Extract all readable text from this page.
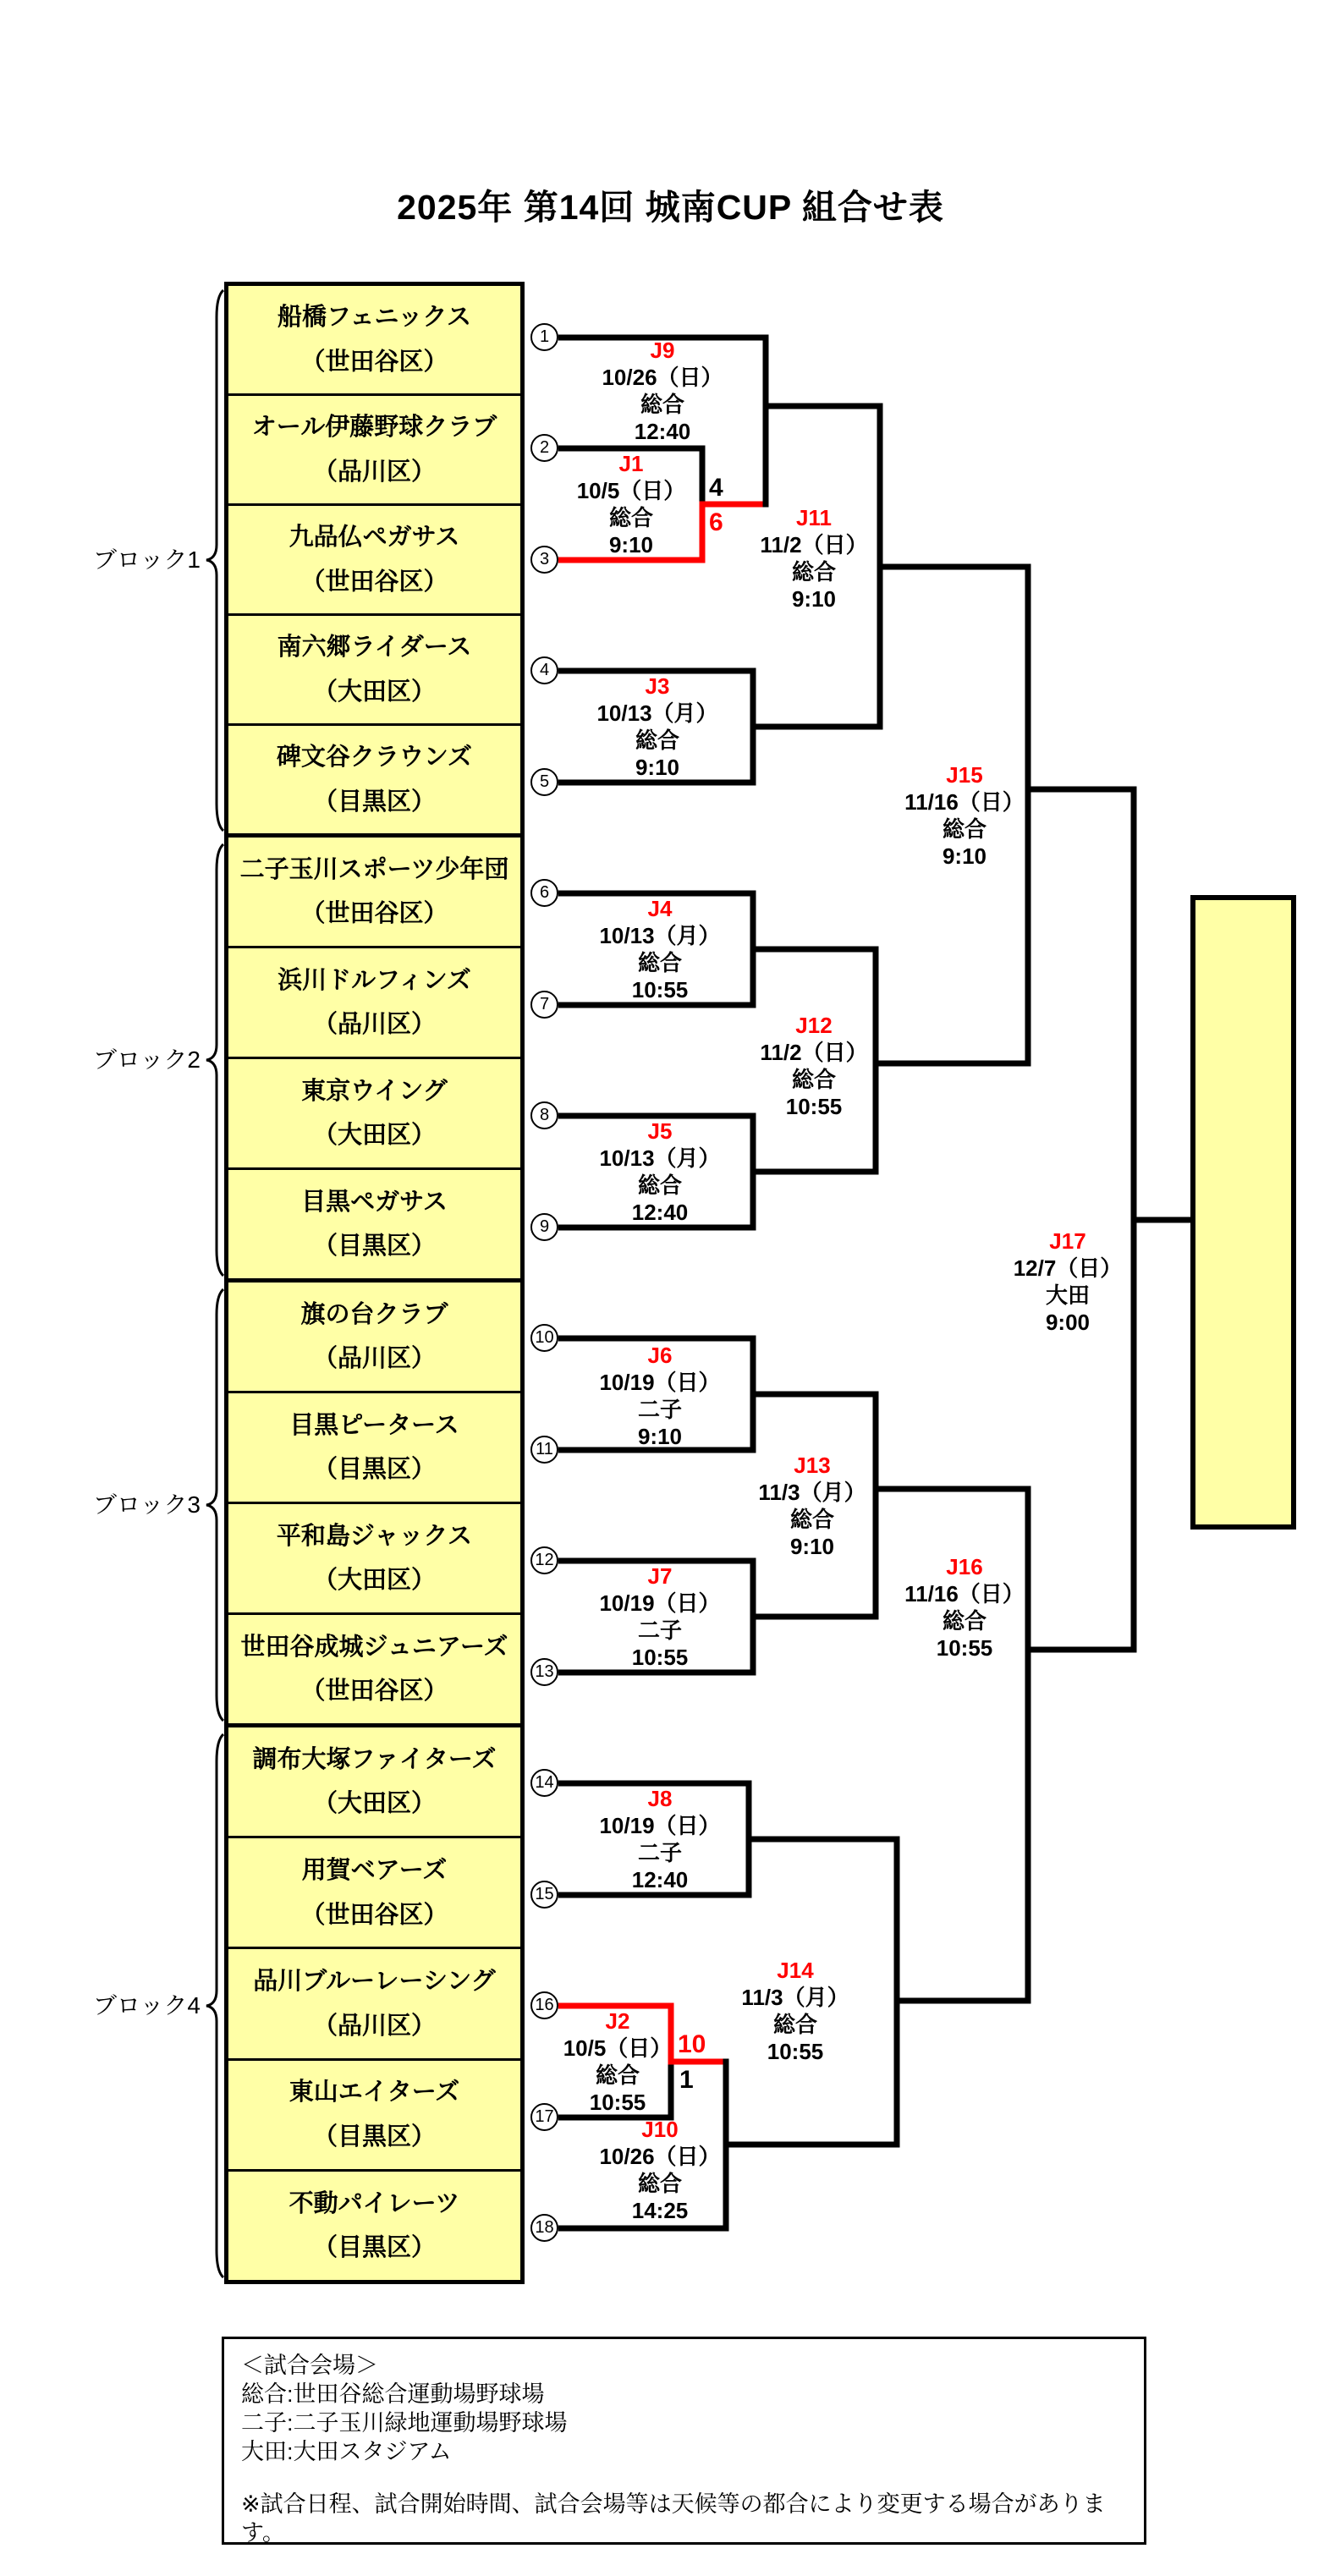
2025年 第14回 城南CUP 組合せ表
ブロック1
ブロック2
ブロック3
ブロック4
船橋フェニックス
（世田谷区）
オール伊藤野球クラブ
（品川区）
九品仏ペガサス
（世田谷区）
南六郷ライダース
（大田区）
碑文谷クラウンズ
（目黒区）
二子玉川スポーツ少年団
（世田谷区）
浜川ドルフィンズ
（品川区）
東京ウイング
（大田区）
目黒ペガサス
（目黒区）
旗の台クラブ
（品川区）
目黒ピータース
（目黒区）
平和島ジャックス
（大田区）
世田谷成城ジュニアーズ
（世田谷区）
調布大塚ファイターズ
（大田区）
用賀ベアーズ
（世田谷区）
品川ブルーレーシング
（品川区）
東山エイターズ
（目黒区）
不動パイレーツ
（目黒区）
1
2
3
4
5
6
7
8
9
10
11
12
13
14
15
16
17
18
J9
10/26（日）
総合
12:40
J1
10/5（日）
総合
9:10
J3
10/13（月）
総合
9:10
J11
11/2（日）
総合
9:10
J4
10/13（月）
総合
10:55
J12
11/2（日）
総合
10:55
J5
10/13（月）
総合
12:40
J15
11/16（日）
総合
9:10
J17
12/7（日）
大田
9:00
J6
10/19（日）
二子
9:10
J13
11/3（月）
総合
9:10
J7
10/19（日）
二子
10:55
J16
11/16（日）
総合
10:55
J8
10/19（日）
二子
12:40
J14
11/3（月）
総合
10:55
J2
10/5（日）
総合
10:55
J10
10/26（日）
総合
14:25
4
6
10
1
＜試合会場＞
総合:世田谷総合運動場野球場
二子:二子玉川緑地運動場野球場
大田:大田スタジアム
※試合日程、試合開始時間、試合会場等は天候等の都合により変更する場合があります。
